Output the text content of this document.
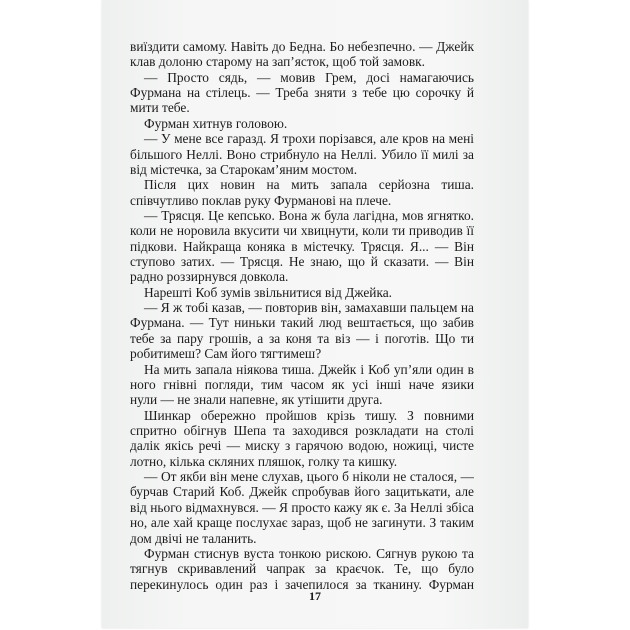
виїздити самому. Навіть до Бедна. Бо небезпечно. — Джейк
клав долоню старому на зап’ясток, щоб той замовк.
— Просто сядь, — мовив Грем, досі намагаючись
Фурмана на стілець. — Треба зняти з тебе цю сорочку й
мити тебе.
Фурман хитнув головою.
— У мене все гаразд. Я трохи порізався, але кров на мені
більшого Неллі. Воно стрибнуло на Неллі. Убило її милі за
від містечка, за Старокам’яним мостом.
Після цих новин на мить запала серйозна тиша.
співчутливо поклав руку Фурманові на плече.
— Трясця. Це кепсько. Вона ж була лагідна, мов ягнятко.
коли не норовила вкусити чи хвицнути, коли ти приводив її
підкови. Найкраща коняка в містечку. Трясця. Я... — Він
ступово затих. — Трясця. Не знаю, що й сказати. — Він
радно роззирнувся довкола.
Нарешті Коб зумів звільнитися від Джейка.
— Я ж тобі казав, — повторив він, замахавши пальцем на
Фурмана. — Тут ниньки такий люд вештається, що забив
тебе за пару грошів, а за коня та віз — і поготів. Що ти
робитимеш? Сам його тягтимеш?
На мить запала ніякова тиша. Джейк і Коб уп’яли один в
ного гнівні погляди, тим часом як усі інші наче язики
нули — не знали напевне, як утішити друга.
Шинкар обережно пройшов крізь тишу. З повними
спритно обігнув Шепа та заходився розкладати на столі
далік якісь речі — миску з гарячою водою, ножиці, чисте
лотно, кілька скляних пляшок, голку та кишку.
— От якби він мене слухав, цього б ніколи не сталося, —
бурчав Старий Коб. Джейк спробував його зацитькати, але
від нього відмахнувся. — Я просто кажу як є. За Неллі збіса
но, але хай краще послухає зараз, щоб не загинути. З таким
дом двічі не таланить.
Фурман стиснув вуста тонкою рискою. Сягнув рукою та
тягнув скривавлений чапрак за краєчок. Те, що було
перекинулось один раз і зачепилося за тканину. Фурман
17
